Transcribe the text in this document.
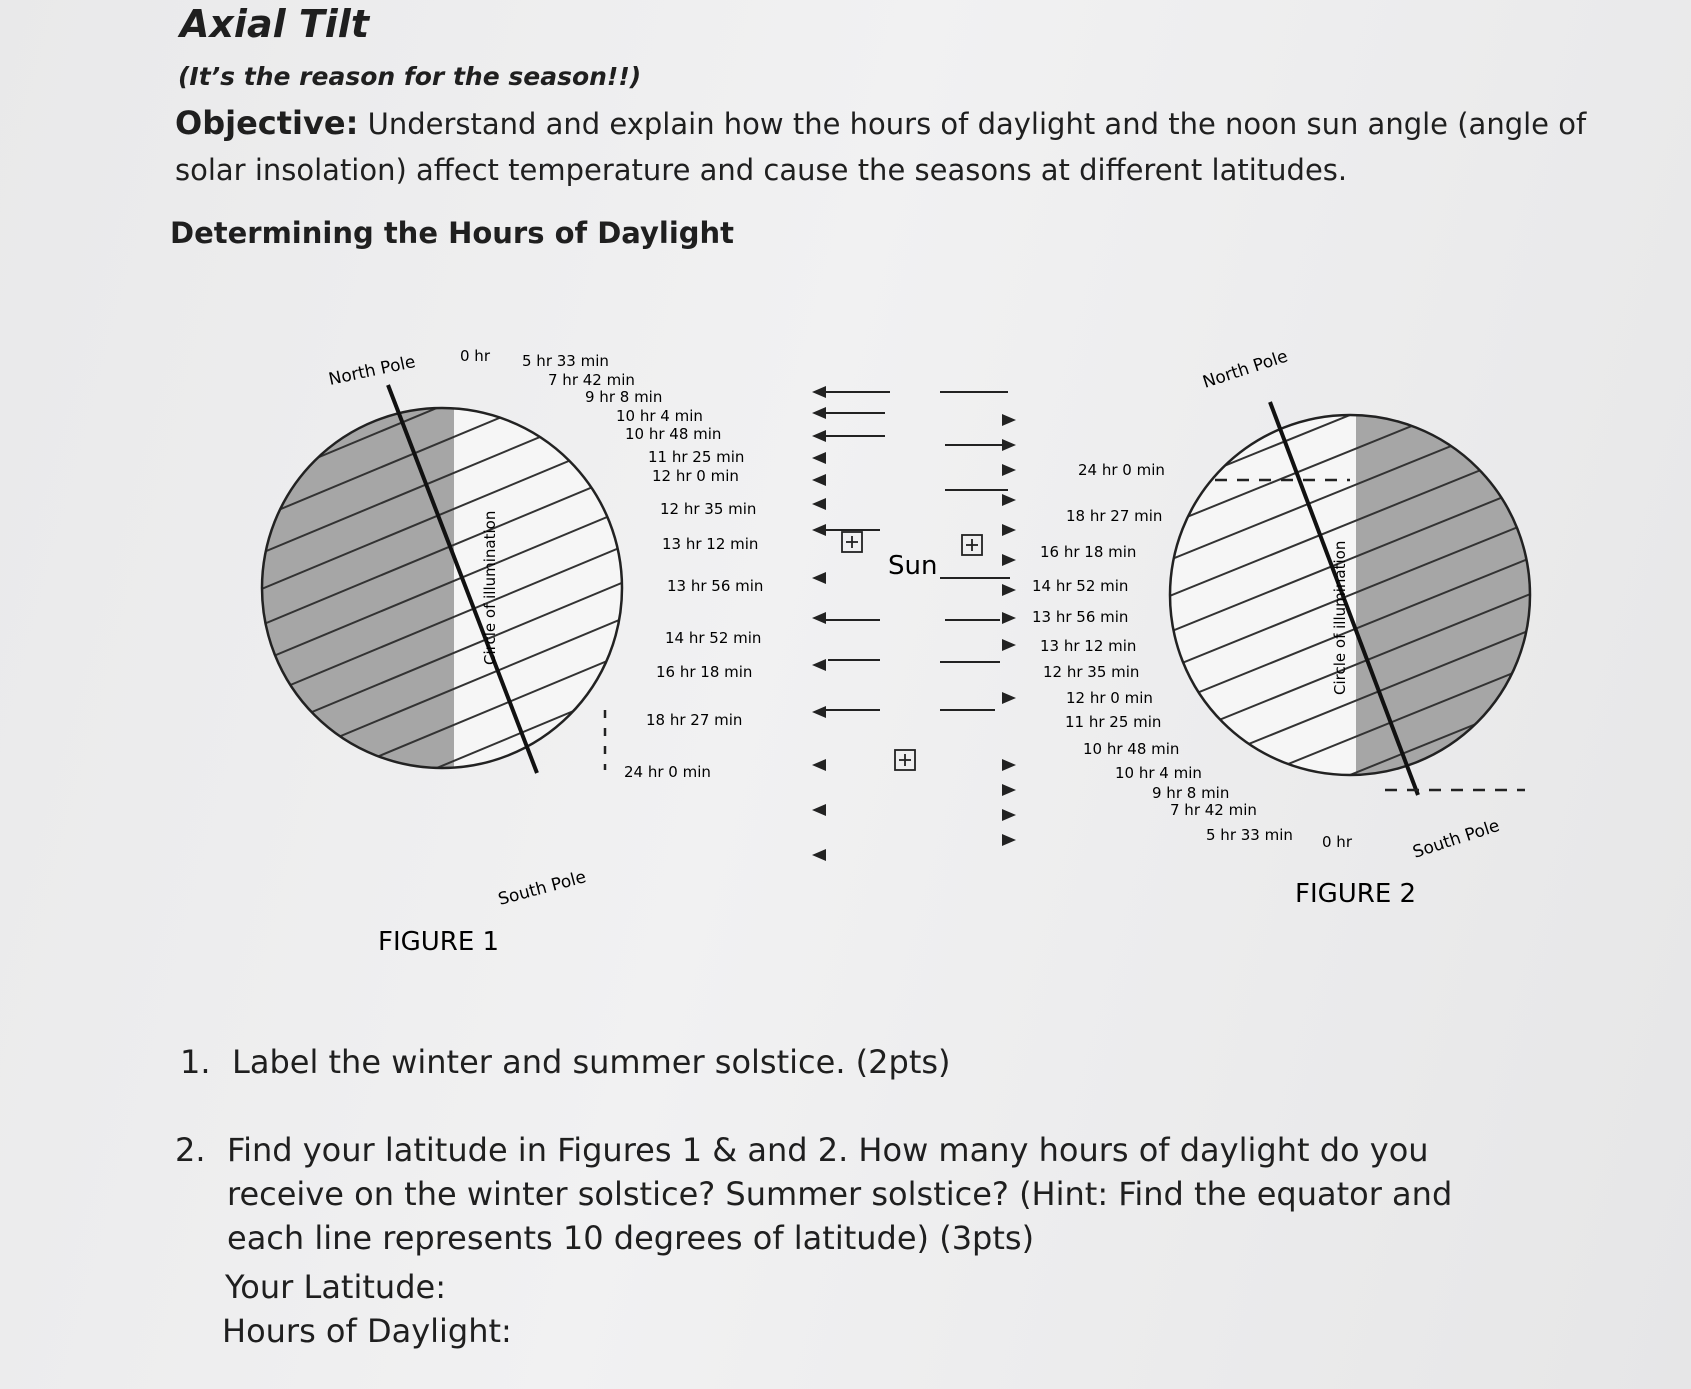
Axial Tilt
(It’s the reason for the season!!)
Objective: Understand and explain how the hours of daylight and the noon sun angle (angle of solar insolation) affect temperature and cause the seasons at different latitudes.
Determining the Hours of Daylight
North Pole
South Pole
Circle of illumination
FIGURE 1
0 hr 5 hr 33 min
7 hr 42 min
9 hr 8 min
10 hr 4 min
10 hr 48 min
11 hr 25 min
12 hr 0 min
12 hr 35 min
13 hr 12 min
13 hr 56 min
14 hr 52 min
16 hr 18 min
18 hr 27 min
24 hr 0 min
Sun
North Pole
South Pole
Circle of illumination
FIGURE 2
24 hr 0 min
18 hr 27 min
16 hr 18 min
14 hr 52 min
13 hr 56 min
13 hr 12 min
12 hr 35 min
12 hr 0 min
11 hr 25 min
10 hr 48 min
10 hr 4 min
9 hr 8 min
7 hr 42 min
5 hr 33 min 0 hr
1. Label the winter and summer solstice. (2pts)
2. Find your latitude in Figures 1 & and 2. How many hours of daylight do you receive on the winter solstice? Summer solstice? (Hint: Find the equator and each line represents 10 degrees of latitude) (3pts)
Your Latitude:
Hours of Daylight:
